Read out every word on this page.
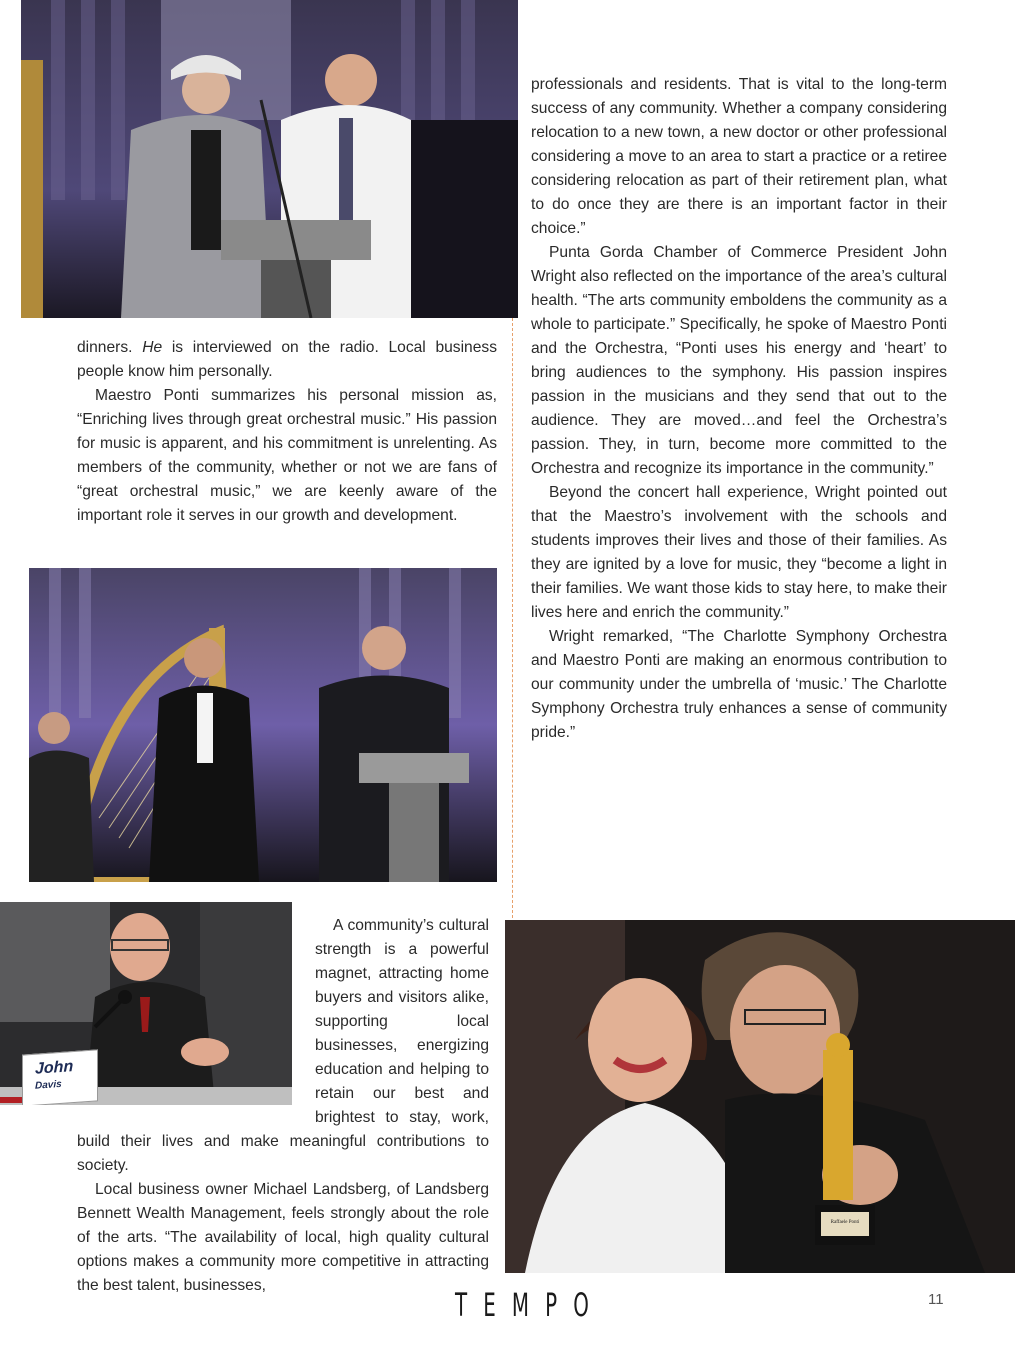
dinners. He is interviewed on the radio. Local business people know him personally.

Maestro Ponti summarizes his personal mission as, “Enriching lives through great orchestral music.” His passion for music is apparent, and his commitment is unrelenting. As members of the community, whether or not we are fans of “great orchestral music,” we are keenly aware of the important role it serves in our growth and development.

professionals and residents. That is vital to the long-term success of any community. Whether a company considering relocation to a new town, a new doctor or other professional considering a move to an area to start a practice or a retiree considering relocation as part of their retirement plan, what to do once they are there is an important factor in their choice.”

Punta Gorda Chamber of Commerce President John Wright also reflected on the importance of the area’s cultural health. “The arts community emboldens the community as a whole to participate.” Specifically, he spoke of Maestro Ponti and the Orchestra, “Ponti uses his energy and ‘heart’ to bring audiences to the symphony. His passion inspires passion in the musicians and they send that out to the audience. They are moved…and feel the Orchestra’s passion. They, in turn, become more committed to the Orchestra and recognize its importance in the community.”

Beyond the concert hall experience, Wright pointed out that the Maestro’s involvement with the schools and students improves their lives and those of their families. As they are ignited by a love for music, they “become a light in their families. We want those kids to stay here, to make their lives here and enrich the community.”

Wright remarked, “The Charlotte Symphony Orchestra and Maestro Ponti are making an enormous contribution to our community under the umbrella of ‘music.’ The Charlotte Symphony Orchestra truly enhances a sense of community pride.”

John
Davis

A community’s cultural strength is a powerful magnet, attracting home buyers and visitors alike, supporting local businesses, energizing education and helping to retain our best and brightest to stay, work, build their lives and make meaningful contributions to society.

Local business owner Michael Landsberg, of Landsberg Bennett Wealth Management, feels strongly about the role of the arts. “The availability of local, high quality cultural options makes a community more competitive in attracting the best talent, businesses,

Raffaele Ponti
TEMPO	11
